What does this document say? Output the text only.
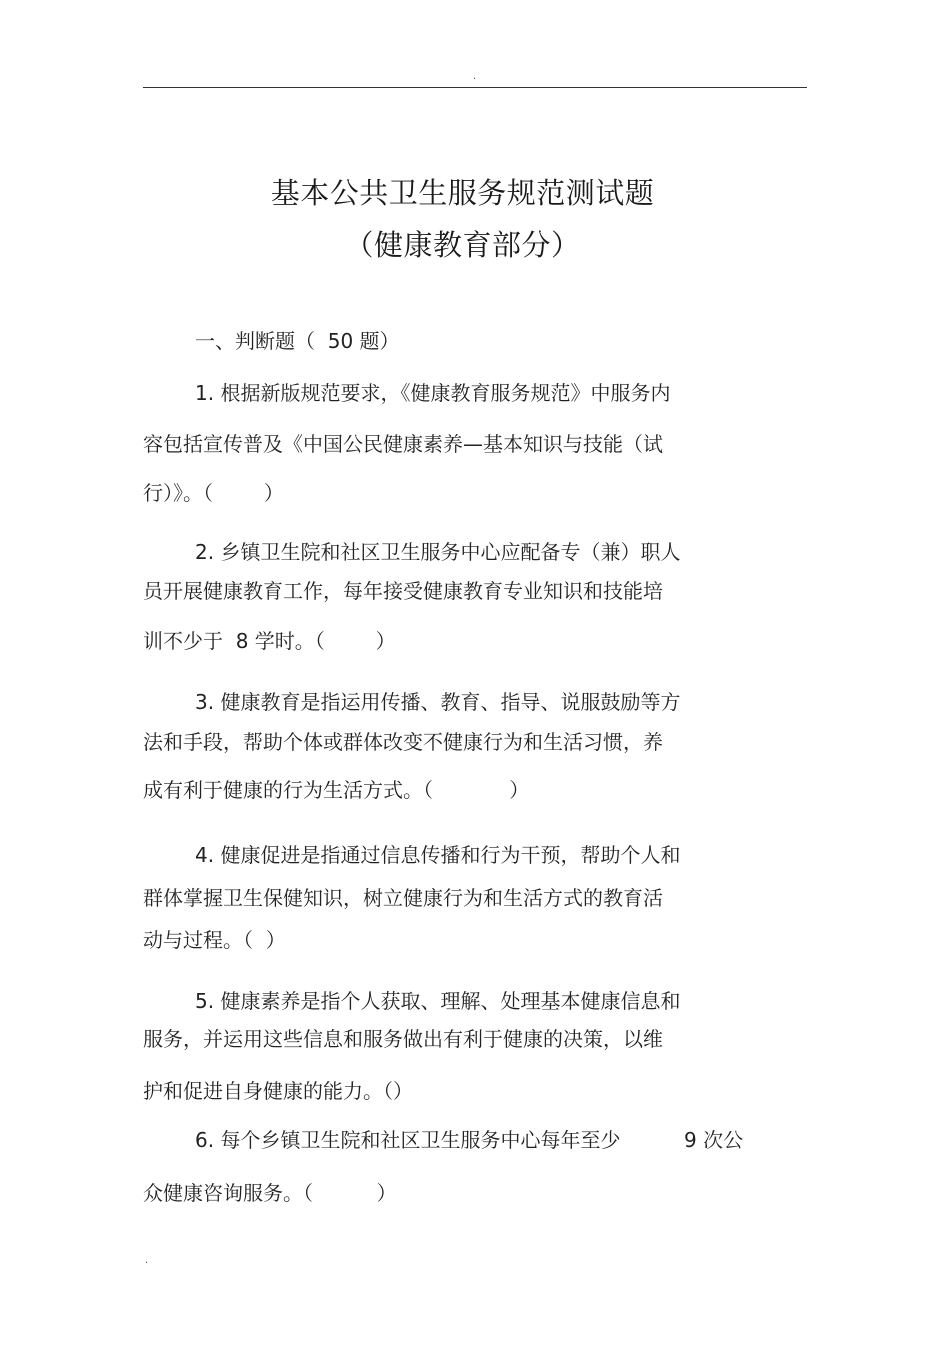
.
基本公共卫生服务规范测试题
（健康教育部分）
一、判断题（  50 题）
1. 根据新版规范要求，《健康教育服务规范》中服务内
容包括宣传普及《中国公民健康素养—基本知识与技能（试
行）》。（        ）
2. 乡镇卫生院和社区卫生服务中心应配备专（兼）职人
员开展健康教育工作，每年接受健康教育专业知识和技能培
训不少于  8 学时。（        ）
3. 健康教育是指运用传播、教育、指导、说服鼓励等方
法和手段，帮助个体或群体改变不健康行为和生活习惯，养
成有利于健康的行为生活方式。（            ）
4. 健康促进是指通过信息传播和行为干预，帮助个人和
群体掌握卫生保健知识，树立健康行为和生活方式的教育活
动与过程。（  ）
5. 健康素养是指个人获取、理解、处理基本健康信息和
服务，并运用这些信息和服务做出有利于健康的决策，以维
护和促进自身健康的能力。（）
6. 每个乡镇卫生院和社区卫生服务中心每年至少          9 次公
众健康咨询服务。（          ）
.
